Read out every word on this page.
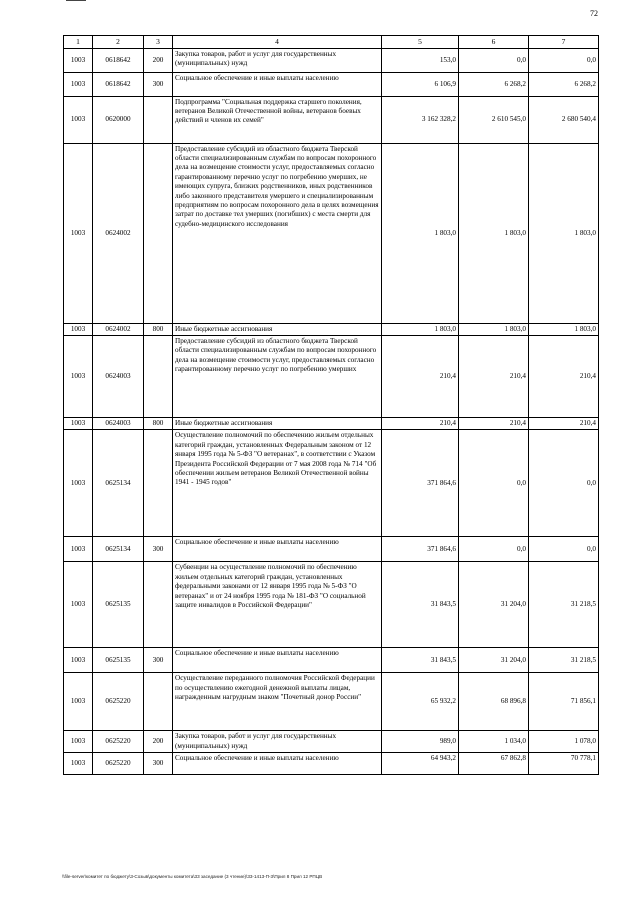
72
1	2	3	4	5	6	7
1003	0618642	200	Закупка товаров, работ и услуг для государственных (муниципальных) нужд	153,0	0,0	0,0
1003	0618642	300	Социальное обеспечение и иные выплаты населению	6 106,9	6 268,2	6 268,2
1003	0620000		Подпрограмма "Социальная поддержка старшего поколения, ветеранов Великой Отечественной войны, ветеранов боевых действий и членов их семей"	3 162 328,2	2 610 545,0	2 680 540,4
1003	0624002		Предоставление субсидий из областного бюджета Тверской области специализированным службам по вопросам похоронного дела на возмещение стоимости услуг, предоставляемых согласно гарантированному перечню услуг по погребению умерших, не имеющих супруга, близких родственников, иных родственников либо законного представителя умершего и специализированным предприятиям по вопросам похоронного дела в целях возмещения затрат по доставке тел умерших (погибших) с места смерти для судебно-медицинского исследования	1 803,0	1 803,0	1 803,0
1003	0624002	800	Иные бюджетные ассигнования	1 803,0	1 803,0	1 803,0
1003	0624003		Предоставление субсидий из областного бюджета Тверской области специализированным службам по вопросам похоронного дела на возмещение стоимости услуг, предоставляемых согласно гарантированному перечню услуг по погребению умерших	210,4	210,4	210,4
1003	0624003	800	Иные бюджетные ассигнования	210,4	210,4	210,4
1003	0625134		Осуществление полномочий по обеспечению жильем отдельных категорий граждан, установленных Федеральным законом от 12 января 1995 года № 5-ФЗ "О ветеранах", в соответствии с Указом Президента Российской Федерации от 7 мая 2008 года № 714 "Об обеспечении жильем ветеранов Великой Отечественной войны 1941 - 1945 годов"	371 864,6	0,0	0,0
1003	0625134	300	Социальное обеспечение и иные выплаты населению	371 864,6	0,0	0,0
1003	0625135		Субвенции на осуществление полномочий по обеспечению жильем отдельных категорий граждан, установленных федеральными законами от 12 января 1995 года № 5-ФЗ "О ветеранах" и от 24 ноября 1995 года № 181-ФЗ "О социальной защите инвалидов в Российской Федерации"	31 843,5	31 204,0	31 218,5
1003	0625135	300	Социальное обеспечение и иные выплаты населению	31 843,5	31 204,0	31 218,5
1003	0625220		Осуществление переданного полномочия Российской Федерации по осуществлению ежегодной денежной выплаты лицам, награжденным нагрудным знаком "Почетный донор России"	65 932,2	68 896,8	71 856,1
1003	0625220	200	Закупка товаров, работ и услуг для государственных (муниципальных) нужд	989,0	1 034,0	1 078,0
1003	0625220	300	Социальное обеспечение и иные выплаты населению	64 943,2	67 862,8	70 778,1
\\file-server\комитет по бюджету\3-Созыв\документы комитета\33 заседание (3 чтение)\33-1413-П-3\Прил 8 Прил 12 РПЦВ
